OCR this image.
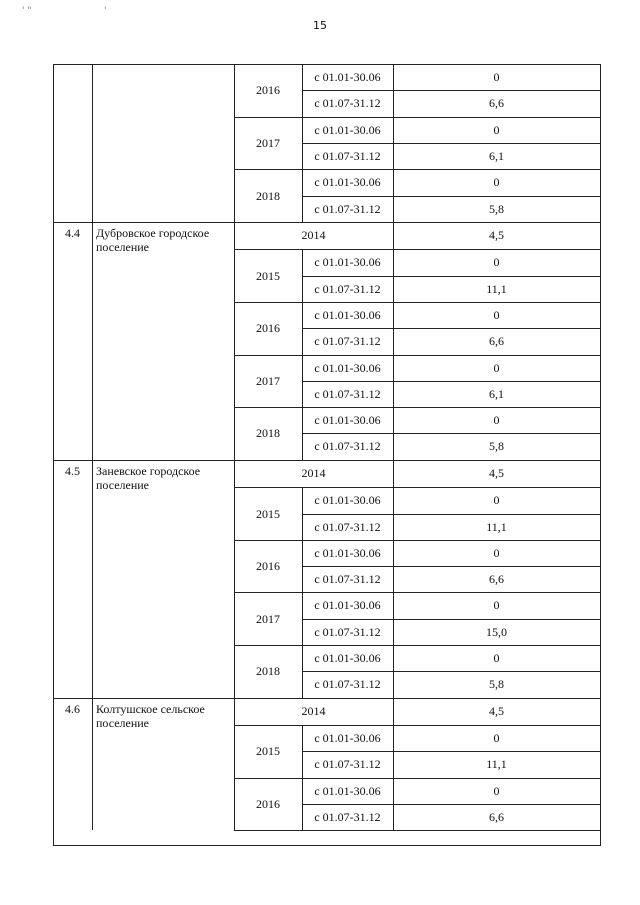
15
' "	'
2016
с 01.01-30.06	0
с 01.07-31.12	6,6
2017
с 01.01-30.06	0
с 01.07-31.12	6,1
2018
с 01.01-30.06	0
с 01.07-31.12	5,8
4.4	Дубровское городское поселение
2014	4,5
2015
с 01.01-30.06	0
с 01.07-31.12	11,1
2016
с 01.01-30.06	0
с 01.07-31.12	6,6
2017
с 01.01-30.06	0
с 01.07-31.12	6,1
2018
с 01.01-30.06	0
с 01.07-31.12	5,8
4.5	Заневское городское поселение
2014	4,5
2015
с 01.01-30.06	0
с 01.07-31.12	11,1
2016
с 01.01-30.06	0
с 01.07-31.12	6,6
2017
с 01.01-30.06	0
с 01.07-31.12	15,0
2018
с 01.01-30.06	0
с 01.07-31.12	5,8
4.6	Колтушское сельское поселение
2014	4,5
2015
с 01.01-30.06	0
с 01.07-31.12	11,1
2016
с 01.01-30.06	0
с 01.07-31.12	6,6
